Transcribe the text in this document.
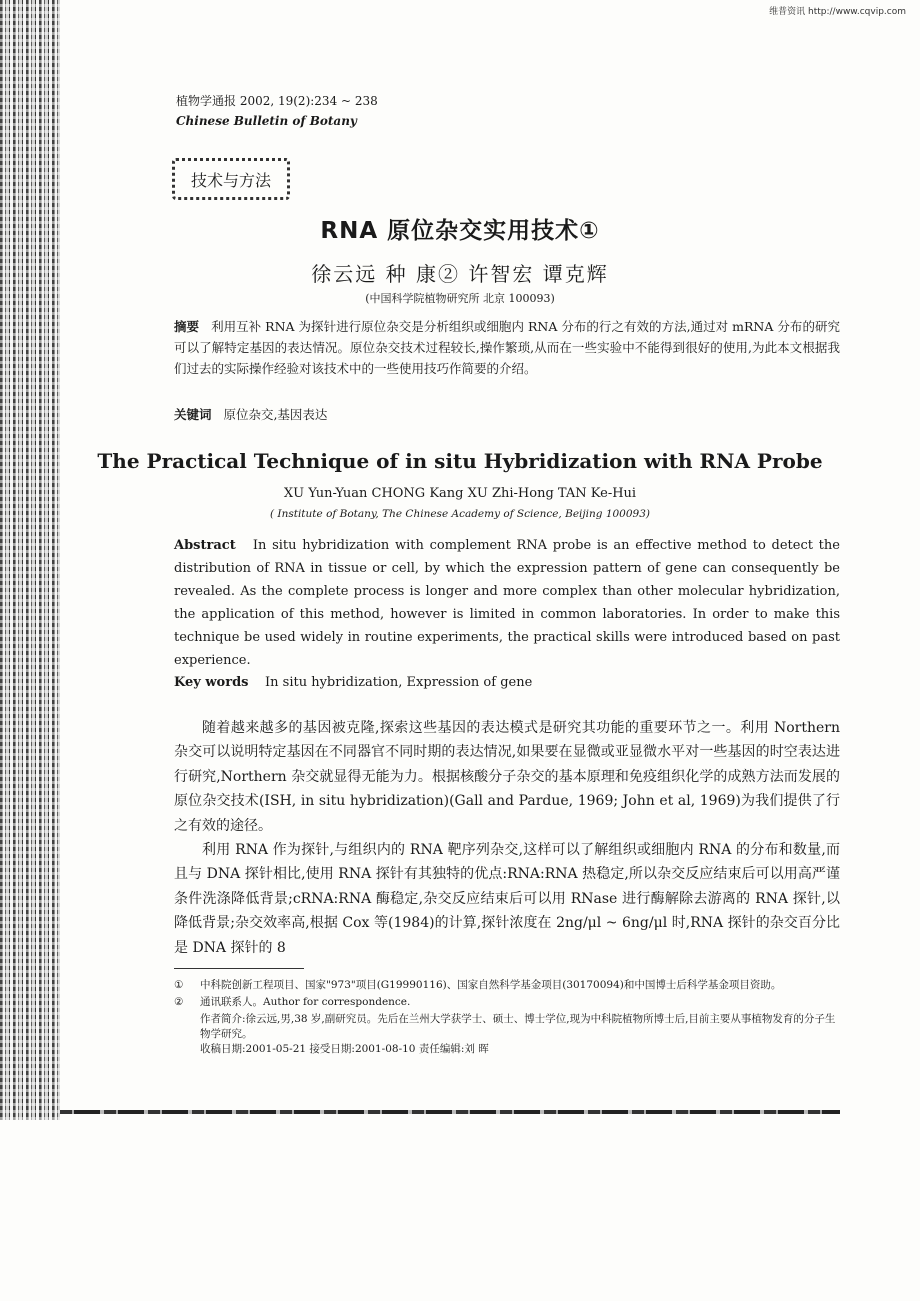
维普资讯 http://www.cqvip.com
植物学通报 2002, 19(2):234 ~ 238
Chinese Bulletin of Botany
技术与方法
RNA 原位杂交实用技术①
徐云远 种 康② 许智宏 谭克辉
(中国科学院植物研究所 北京 100093)
摘要 利用互补 RNA 为探针进行原位杂交是分析组织或细胞内 RNA 分布的行之有效的方法,通过对 mRNA 分布的研究可以了解特定基因的表达情况。原位杂交技术过程较长,操作繁琐,从而在一些实验中不能得到很好的使用,为此本文根据我们过去的实际操作经验对该技术中的一些使用技巧作简要的介绍。
关键词 原位杂交,基因表达
The Practical Technique of in situ Hybridization with RNA Probe
XU Yun-Yuan CHONG Kang XU Zhi-Hong TAN Ke-Hui
( Institute of Botany, The Chinese Academy of Science, Beijing 100093)
Abstract In situ hybridization with complement RNA probe is an effective method to detect the distribution of RNA in tissue or cell, by which the expression pattern of gene can consequently be revealed. As the complete process is longer and more complex than other molecular hybridization, the application of this method, however is limited in common laboratories. In order to make this technique be used widely in routine experiments, the practical skills were introduced based on past experience.
Key words In situ hybridization, Expression of gene
随着越来越多的基因被克隆,探索这些基因的表达模式是研究其功能的重要环节之一。利用 Northern 杂交可以说明特定基因在不同器官不同时期的表达情况,如果要在显微或亚显微水平对一些基因的时空表达进行研究,Northern 杂交就显得无能为力。根据核酸分子杂交的基本原理和免疫组织化学的成熟方法而发展的原位杂交技术(ISH, in situ hybridization)(Gall and Pardue, 1969; John et al, 1969)为我们提供了行之有效的途径。
利用 RNA 作为探针,与组织内的 RNA 靶序列杂交,这样可以了解组织或细胞内 RNA 的分布和数量,而且与 DNA 探针相比,使用 RNA 探针有其独特的优点:RNA:RNA 热稳定,所以杂交反应结束后可以用高严谨条件洗涤降低背景;cRNA:RNA 酶稳定,杂交反应结束后可以用 RNase 进行酶解除去游离的 RNA 探针,以降低背景;杂交效率高,根据 Cox 等(1984)的计算,探针浓度在 2ng/μl ~ 6ng/μl 时,RNA 探针的杂交百分比是 DNA 探针的 8
①	中科院创新工程项目、国家"973"项目(G19990116)、国家自然科学基金项目(30170094)和中国博士后科学基金项目资助。
②	通讯联系人。Author for correspondence.
作者简介:徐云远,男,38 岁,副研究员。先后在兰州大学获学士、硕士、博士学位,现为中科院植物所博士后,目前主要从事植物发育的分子生物学研究。
收稿日期:2001-05-21 接受日期:2001-08-10 责任编辑:刘 晖
